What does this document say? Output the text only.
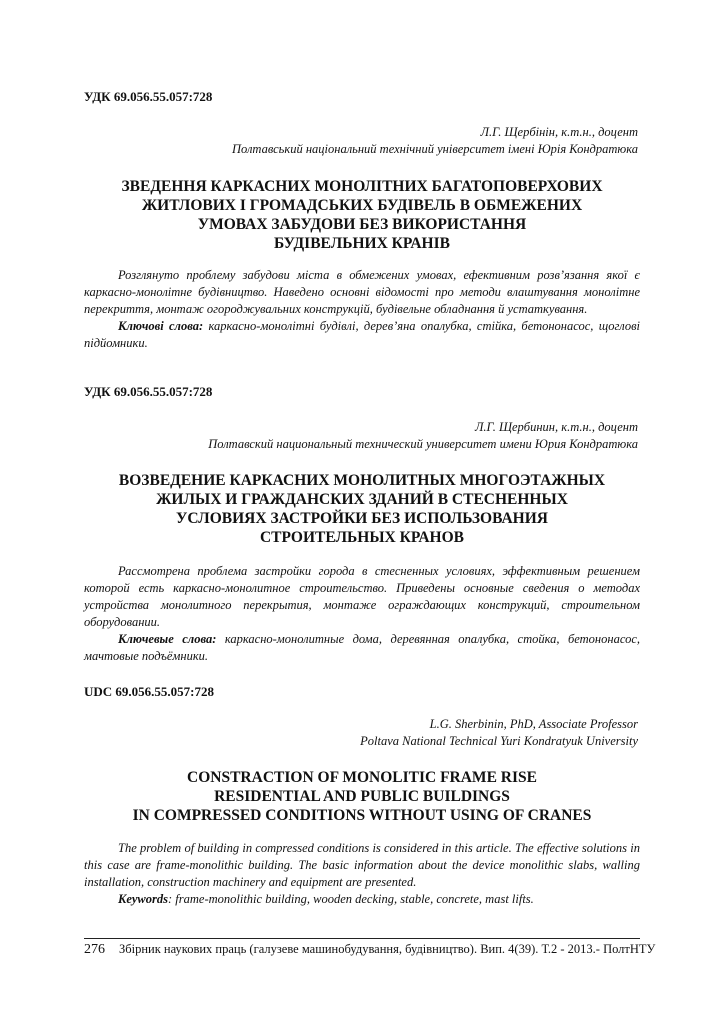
УДК 69.056.55.057:728
Л.Г. Щербінін, к.т.н., доцент
Полтавський національний технічний університет імені Юрія Кондратюка
ЗВЕДЕННЯ КАРКАСНИХ МОНОЛІТНИХ БАГАТОПОВЕРХОВИХ
ЖИТЛОВИХ І ГРОМАДСЬКИХ БУДІВЕЛЬ В ОБМЕЖЕНИХ
УМОВАХ ЗАБУДОВИ БЕЗ ВИКОРИСТАННЯ
БУДІВЕЛЬНИХ КРАНІВ

Розглянуто проблему забудови міста в обмежених умовах, ефективним розв’язання якої є каркасно-монолітне будівництво. Наведено основні відомості про методи влаштування монолітне перекриття, монтаж огороджувальних конструкцій, будівельне обладнання й устаткування.

Ключові слова: каркасно-монолітні будівлі, дерев’яна опалубка, стійка, бетононасос, щоглові підйомники.

УДК 69.056.55.057:728
Л.Г. Щербинин, к.т.н., доцент
Полтавский национальный технический университет имени Юрия Кондратюка
ВОЗВЕДЕНИЕ КАРКАСНИХ МОНОЛИТНЫХ МНОГОЭТАЖНЫХ
ЖИЛЫХ И ГРАЖДАНСКИХ ЗДАНИЙ В СТЕСНЕННЫХ
УСЛОВИЯХ ЗАСТРОЙКИ БЕЗ ИСПОЛЬЗОВАНИЯ
СТРОИТЕЛЬНЫХ КРАНОВ

Рассмотрена проблема застройки города в стесненных условиях, эффективным решением которой есть каркасно-монолитное строительство. Приведены основные сведения о методах устройства монолитного перекрытия, монтаже ограждающих конструкций, строительном оборудовании.

Ключевые слова: каркасно-монолитные дома, деревянная опалубка, стойка, бетононасос, мачтовые подъёмники.

UDC 69.056.55.057:728
L.G. Sherbinin, PhD, Associate Professor
Poltava National Technical Yuri Kondratyuk University
CONSTRACTION OF MONOLITIC FRAME RISE
RESIDENTIAL AND PUBLIC BUILDINGS
IN COMPRESSED CONDITIONS WITHOUT USING OF CRANES

The problem of building in compressed conditions is considered in this article. The effective solutions in this case are frame-monolithic building. The basic information about the device monolithic slabs, walling installation, construction machinery and equipment are presented.

Keywords: frame-monolithic building, wooden decking, stable, concrete, mast lifts.

276 Збірник наукових праць (галузеве машинобудування, будівництво). Вип. 4(39). Т.2 - 2013.- ПолтНТУ
